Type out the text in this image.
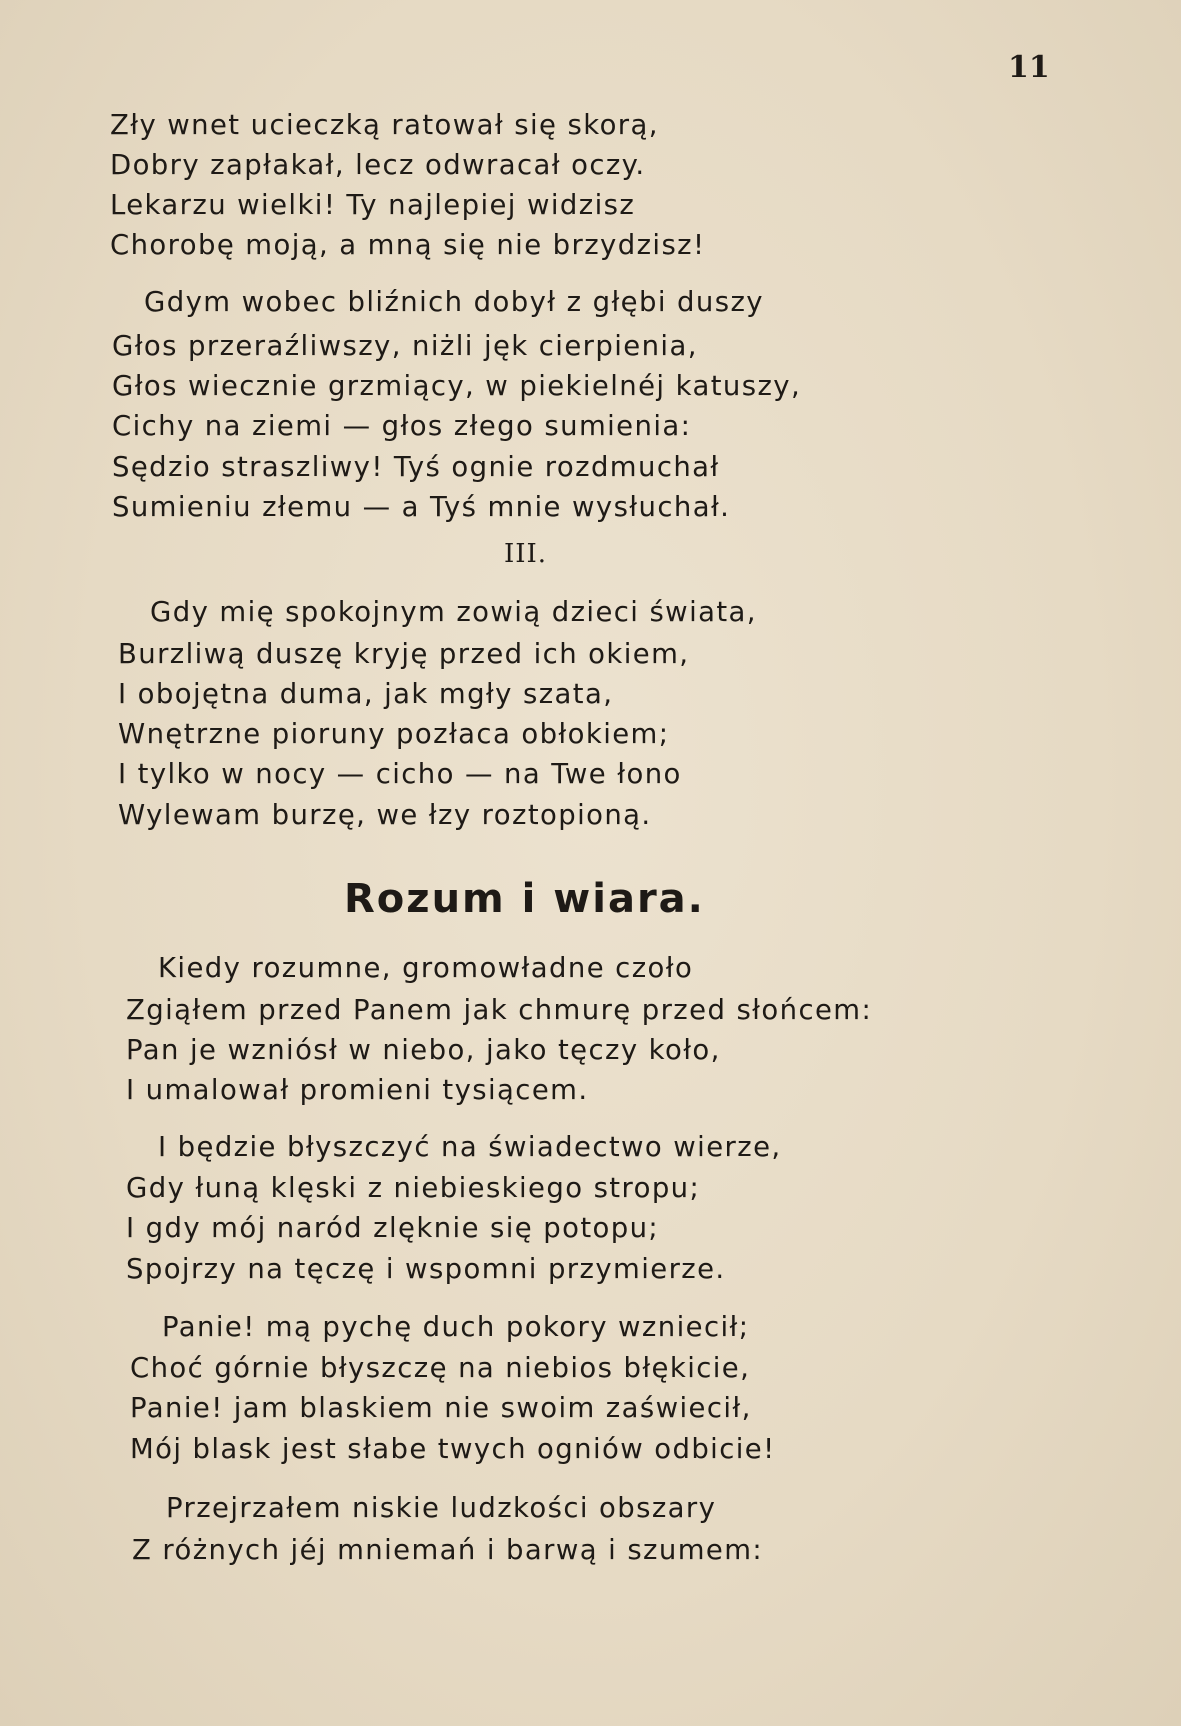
11
Zły wnet ucieczką ratował się skorą,
Dobry zapłakał, lecz odwracał oczy.
Lekarzu wielki! Ty najlepiej widzisz
Chorobę moją, a mną się nie brzydzisz!
Gdym wobec bliźnich dobył z głębi duszy
Głos przeraźliwszy, niżli jęk cierpienia,
Głos wiecznie grzmiący, w piekielnéj katuszy,
Cichy na ziemi — głos złego sumienia:
Sędzio straszliwy! Tyś ognie rozdmuchał
Sumieniu złemu — a Tyś mnie wysłuchał.
III.
Gdy mię spokojnym zowią dzieci świata,
Burzliwą duszę kryję przed ich okiem,
I obojętna duma, jak mgły szata,
Wnętrzne pioruny pozłaca obłokiem;
I tylko w nocy — cicho — na Twe łono
Wylewam burzę, we łzy roztopioną.
Rozum i wiara.
Kiedy rozumne, gromowładne czoło
Zgiąłem przed Panem jak chmurę przed słońcem:
Pan je wzniósł w niebo, jako tęczy koło,
I umalował promieni tysiącem.
I będzie błyszczyć na świadectwo wierze,
Gdy łuną klęski z niebieskiego stropu;
I gdy mój naród zlęknie się potopu;
Spojrzy na tęczę i wspomni przymierze.
Panie! mą pychę duch pokory wzniecił;
Choć górnie błyszczę na niebios błękicie,
Panie! jam blaskiem nie swoim zaświecił,
Mój blask jest słabe twych ogniów odbicie!
Przejrzałem niskie ludzkości obszary
Z różnych jéj mniemań i barwą i szumem:
